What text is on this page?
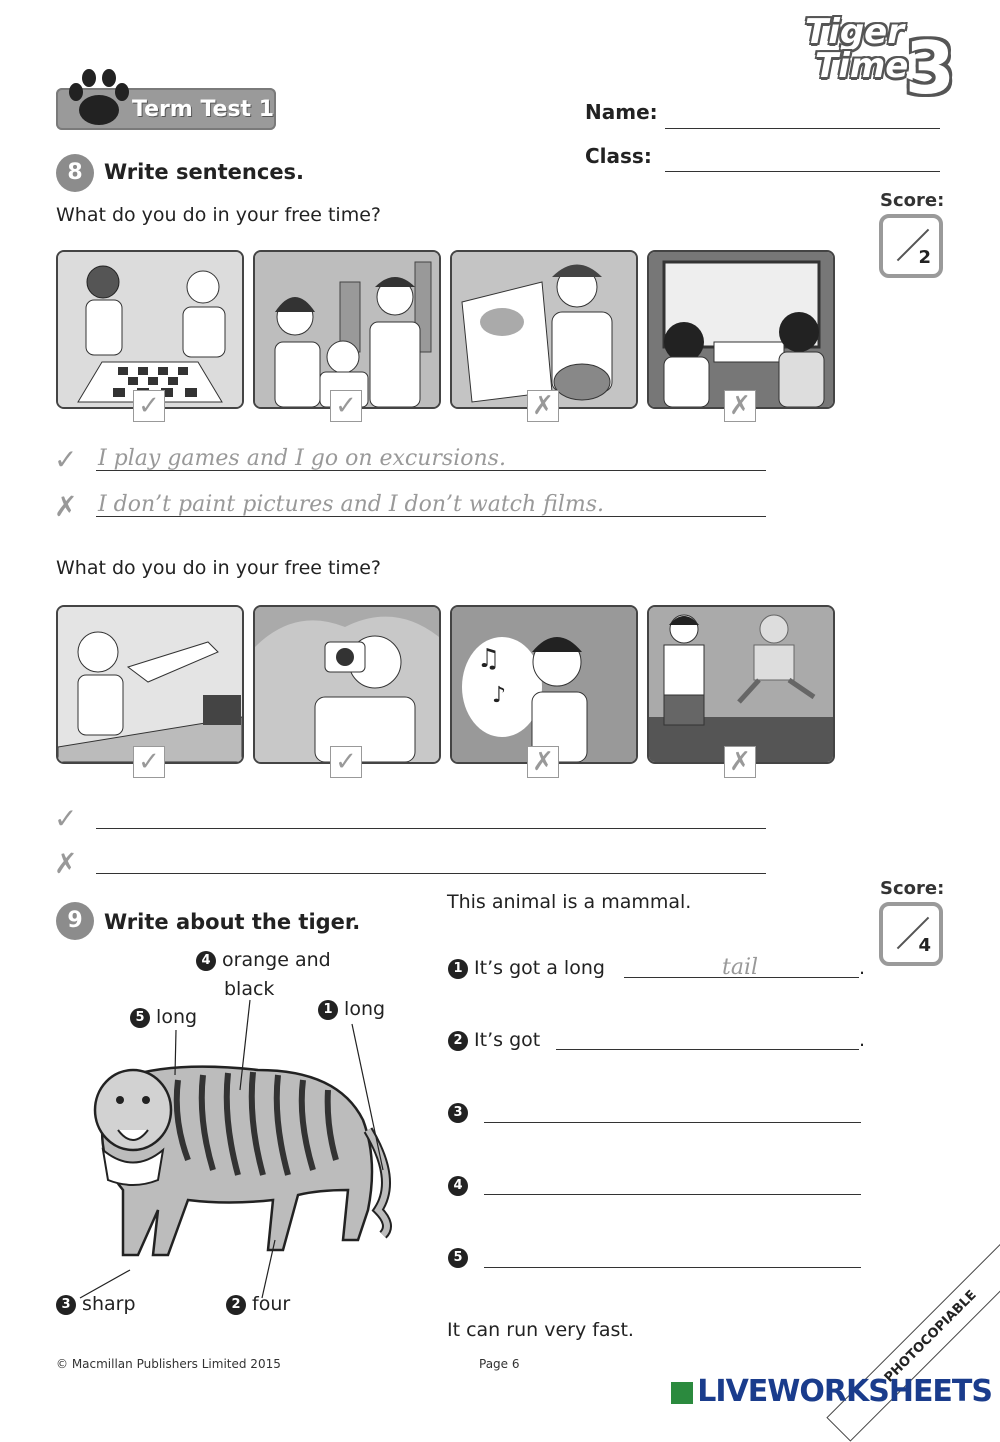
Tiger
Time
3
Term Test 1	Name:
Class:
8	Write sentences.
What do you do in your free time?
Score:
2
✓	✓	✗	✗
✓ I play games and I go on excursions.
✗ I don’t paint pictures and I don’t watch films.
What do you do in your free time?
♫
♪
✓	✓	✗	✗
✓
✗
Score:
4
9	Write about the tiger.
This animal is a mammal.
4 orange and
black
5 long	1 long
3 sharp	2 four
1 It’s got a long	tail	.
2 It’s got	.
3
4
5
It can run very fast.
© Macmillan Publishers Limited 2015	Page 6	PHOTOCOPIABLE
LIVEWORKSHEETS
